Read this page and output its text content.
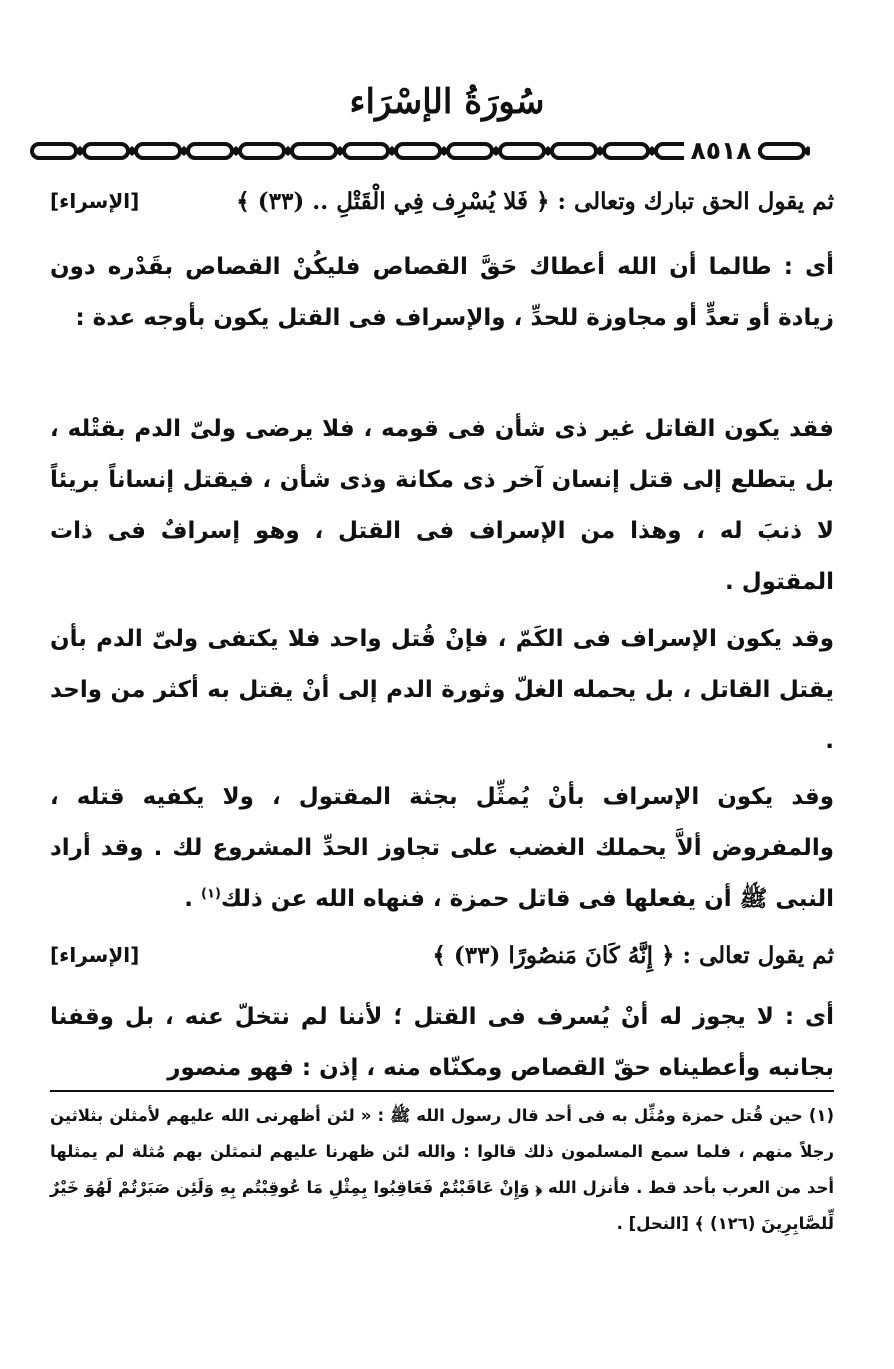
سُورَةُ الإسْرَاء
٨٥١٨
ثم يقول الحق تبارك وتعالى : ﴿ فَلا يُسْرِف فِي الْقَتْلِ .. (٣٣) ﴾
[الإسراء]
أى : طالما أن الله أعطاك حَقَّ القصاص فليكُنْ القصاص بقَدْره دون زيادة أو تعدٍّ أو مجاوزة للحدِّ ، والإسراف فى القتل يكون بأوجه عدة :
فقد يكون القاتل غير ذى شأن فى قومه ، فلا يرضى ولىّ الدم بقتْله ، بل يتطلع إلى قتل إنسان آخر ذى مكانة وذى شأن ، فيقتل إنساناً بريئاً لا ذنبَ له ، وهذا من الإسراف فى القتل ، وهو إسرافٌ فى ذات المقتول .
وقد يكون الإسراف فى الكَمّ ، فإنْ قُتل واحد فلا يكتفى ولىّ الدم بأن يقتل القاتل ، بل يحمله الغلّ وثورة الدم إلى أنْ يقتل به أكثر من واحد .
وقد يكون الإسراف بأنْ يُمثِّل بجثة المقتول ، ولا يكفيه قتله ، والمفروض ألاَّ يحملك الغضب على تجاوز الحدِّ المشروع لك . وقد أراد النبى ﷺ أن يفعلها فى قاتل حمزة ، فنهاه الله عن ذلك$^{(١)}$ .
ثم يقول تعالى : ﴿ إِنَّهُ كَانَ مَنصُورًا (٣٣) ﴾
[الإسراء]
أى : لا يجوز له أنْ يُسرف فى القتل ؛ لأننا لم نتخلّ عنه ، بل وقفنا بجانبه وأعطيناه حقّ القصاص ومكنّاه منه ، إذن : فهو منصور
(١) حين قُتل حمزة ومُثِّل به فى أحد قال رسول الله ﷺ : « لئن أظهرنى الله عليهم لأمثلن بثلاثين رجلاً منهم ، فلما سمع المسلمون ذلك قالوا : والله لئن ظهرنا عليهم لنمثلن بهم مُثلة لم يمثلها أحد من العرب بأحد قط . فأنزل الله ﴿ وَإِنْ عَاقَبْتُمْ فَعَاقِبُوا بِمِثْلِ مَا عُوقِبْتُم بِهِ وَلَئِن صَبَرْتُمْ لَهُوَ خَيْرٌ لِّلصَّابِرِينَ (١٢٦) ﴾ [النحل] .
